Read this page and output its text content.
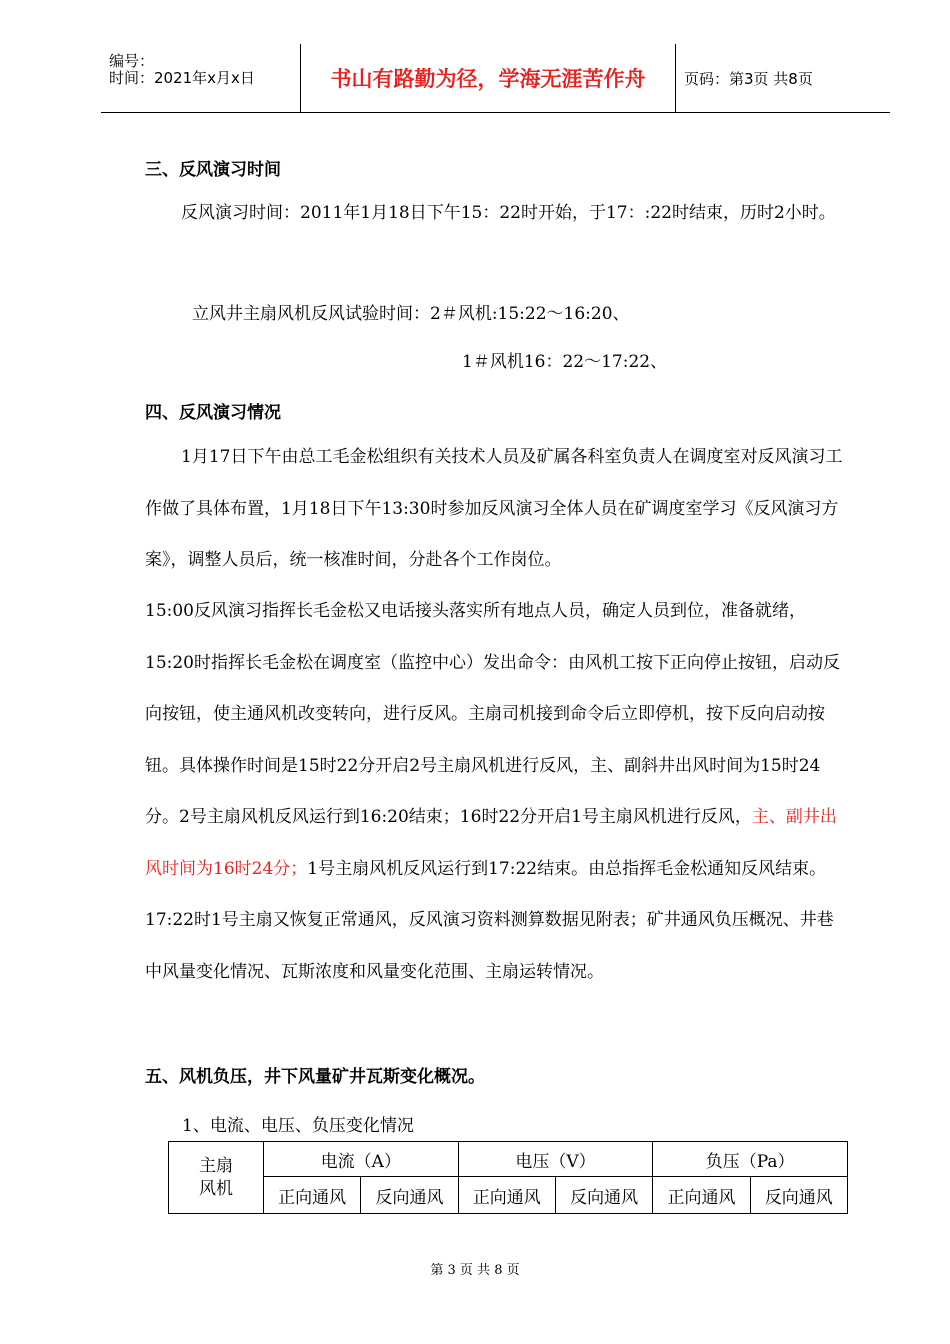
编号：
时间：2021年x月x日	书山有路勤为径，学海无涯苦作舟	页码：第3页 共8页
三、反风演习时间

反风演习时间：2011年1月18日下午15：22时开始，于17：:22时结束，历时2小时。

立风井主扇风机反风试验时间：2＃风机:15:22～16:20、
1＃风机16：22～17:22、
四、反风演习情况

1月17日下午由总工毛金松组织有关技术人员及矿属各科室负责人在调度室对反风演习工作做了具体布置，1月18日下午13:30时参加反风演习全体人员在矿调度室学习《反风演习方案》，调整人员后，统一核准时间，分赴各个工作岗位。

15:00反风演习指挥长毛金松又电话接头落实所有地点人员，确定人员到位，准备就绪，15:20时指挥长毛金松在调度室（监控中心）发出命令：由风机工按下正向停止按钮，启动反向按钮，使主通风机改变转向，进行反风。主扇司机接到命令后立即停机，按下反向启动按钮。具体操作时间是15时22分开启2号主扇风机进行反风，主、副斜井出风时间为15时24分。2号主扇风机反风运行到16:20结束；16时22分开启1号主扇风机进行反风，主、副井出风时间为16时24分；1号主扇风机反风运行到17:22结束。由总指挥毛金松通知反风结束。17:22时1号主扇又恢复正常通风，反风演习资料测算数据见附表；矿井通风负压概况、井巷中风量变化情况、瓦斯浓度和风量变化范围、主扇运转情况。

五、风机负压，井下风量矿井瓦斯变化概况。
1、电流、电压、负压变化情况
主扇风机	电流（A）		电压（V）		负压（Pa）	
	正向通风	反向通风	正向通风	反向通风	正向通风	反向通风
第 3 页 共 8 页
